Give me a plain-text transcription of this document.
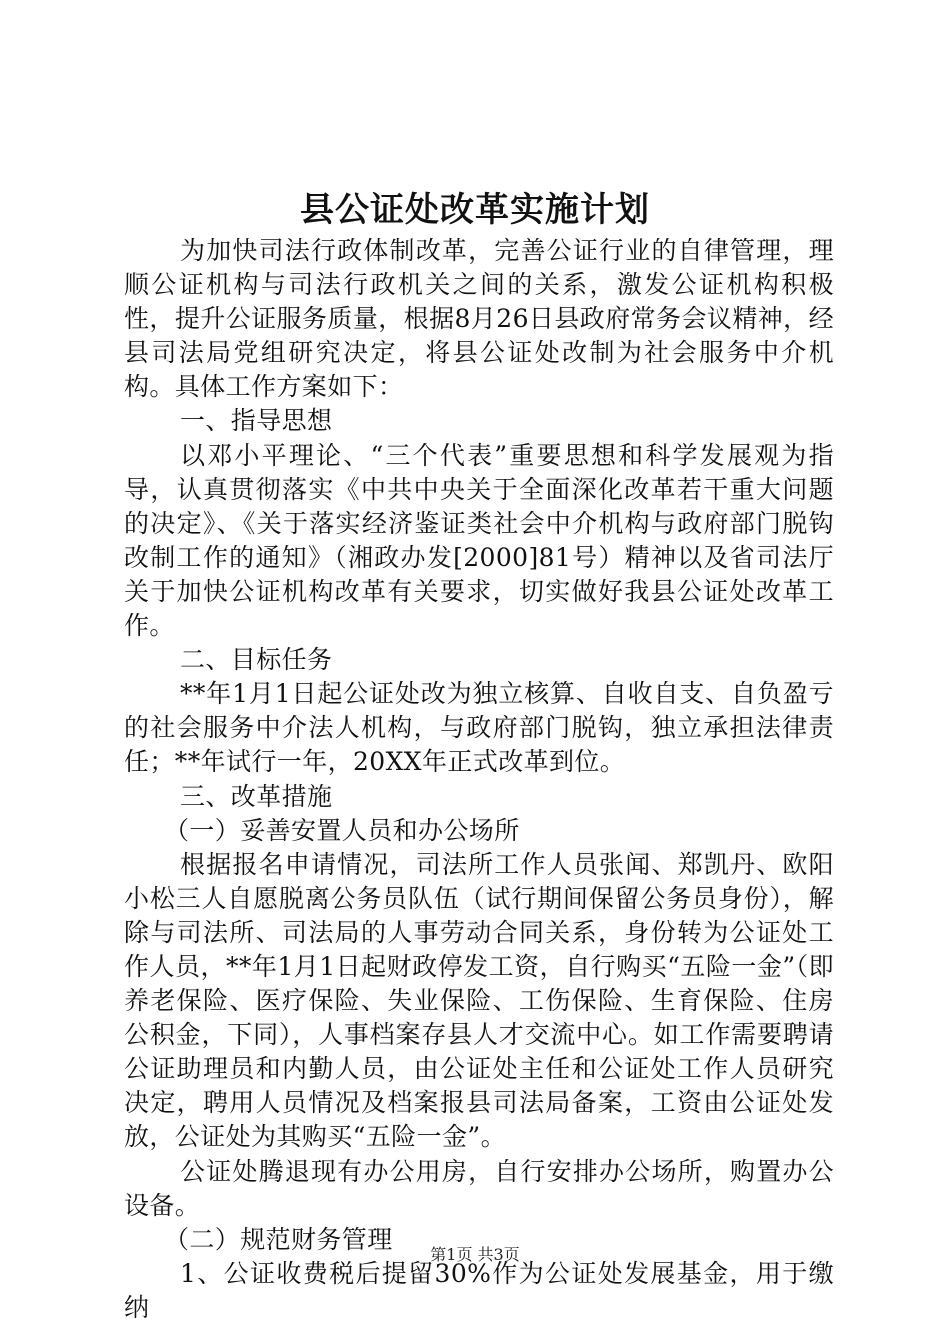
县公证处改革实施计划

为加快司法行政体制改革，完善公证行业的自律管理，理顺公证机构与司法行政机关之间的关系，激发公证机构积极性，提升公证服务质量，根据8月26日县政府常务会议精神，经县司法局党组研究决定，将县公证处改制为社会服务中介机构。具体工作方案如下：

一、指导思想

以邓小平理论、“三个代表”重要思想和科学发展观为指导，认真贯彻落实《中共中央关于全面深化改革若干重大问题的决定》、《关于落实经济鉴证类社会中介机构与政府部门脱钩改制工作的通知》（湘政办发[2000]81号）精神以及省司法厅关于加快公证机构改革有关要求，切实做好我县公证处改革工作。

二、目标任务

**年1月1日起公证处改为独立核算、自收自支、自负盈亏的社会服务中介法人机构，与政府部门脱钩，独立承担法律责任；**年试行一年，20XX年正式改革到位。

三、改革措施

（一）妥善安置人员和办公场所

根据报名申请情况，司法所工作人员张闻、郑凯丹、欧阳小松三人自愿脱离公务员队伍（试行期间保留公务员身份），解除与司法所、司法局的人事劳动合同关系，身份转为公证处工作人员，**年1月1日起财政停发工资，自行购买“五险一金”（即养老保险、医疗保险、失业保险、工伤保险、生育保险、住房公积金，下同），人事档案存县人才交流中心。如工作需要聘请公证助理员和内勤人员，由公证处主任和公证处工作人员研究决定，聘用人员情况及档案报县司法局备案，工资由公证处发放，公证处为其购买“五险一金”。

公证处腾退现有办公用房，自行安排办公场所，购置办公设备。

（二）规范财务管理

1、公证收费税后提留30%作为公证处发展基金，用于缴纳

第1页 共3页
